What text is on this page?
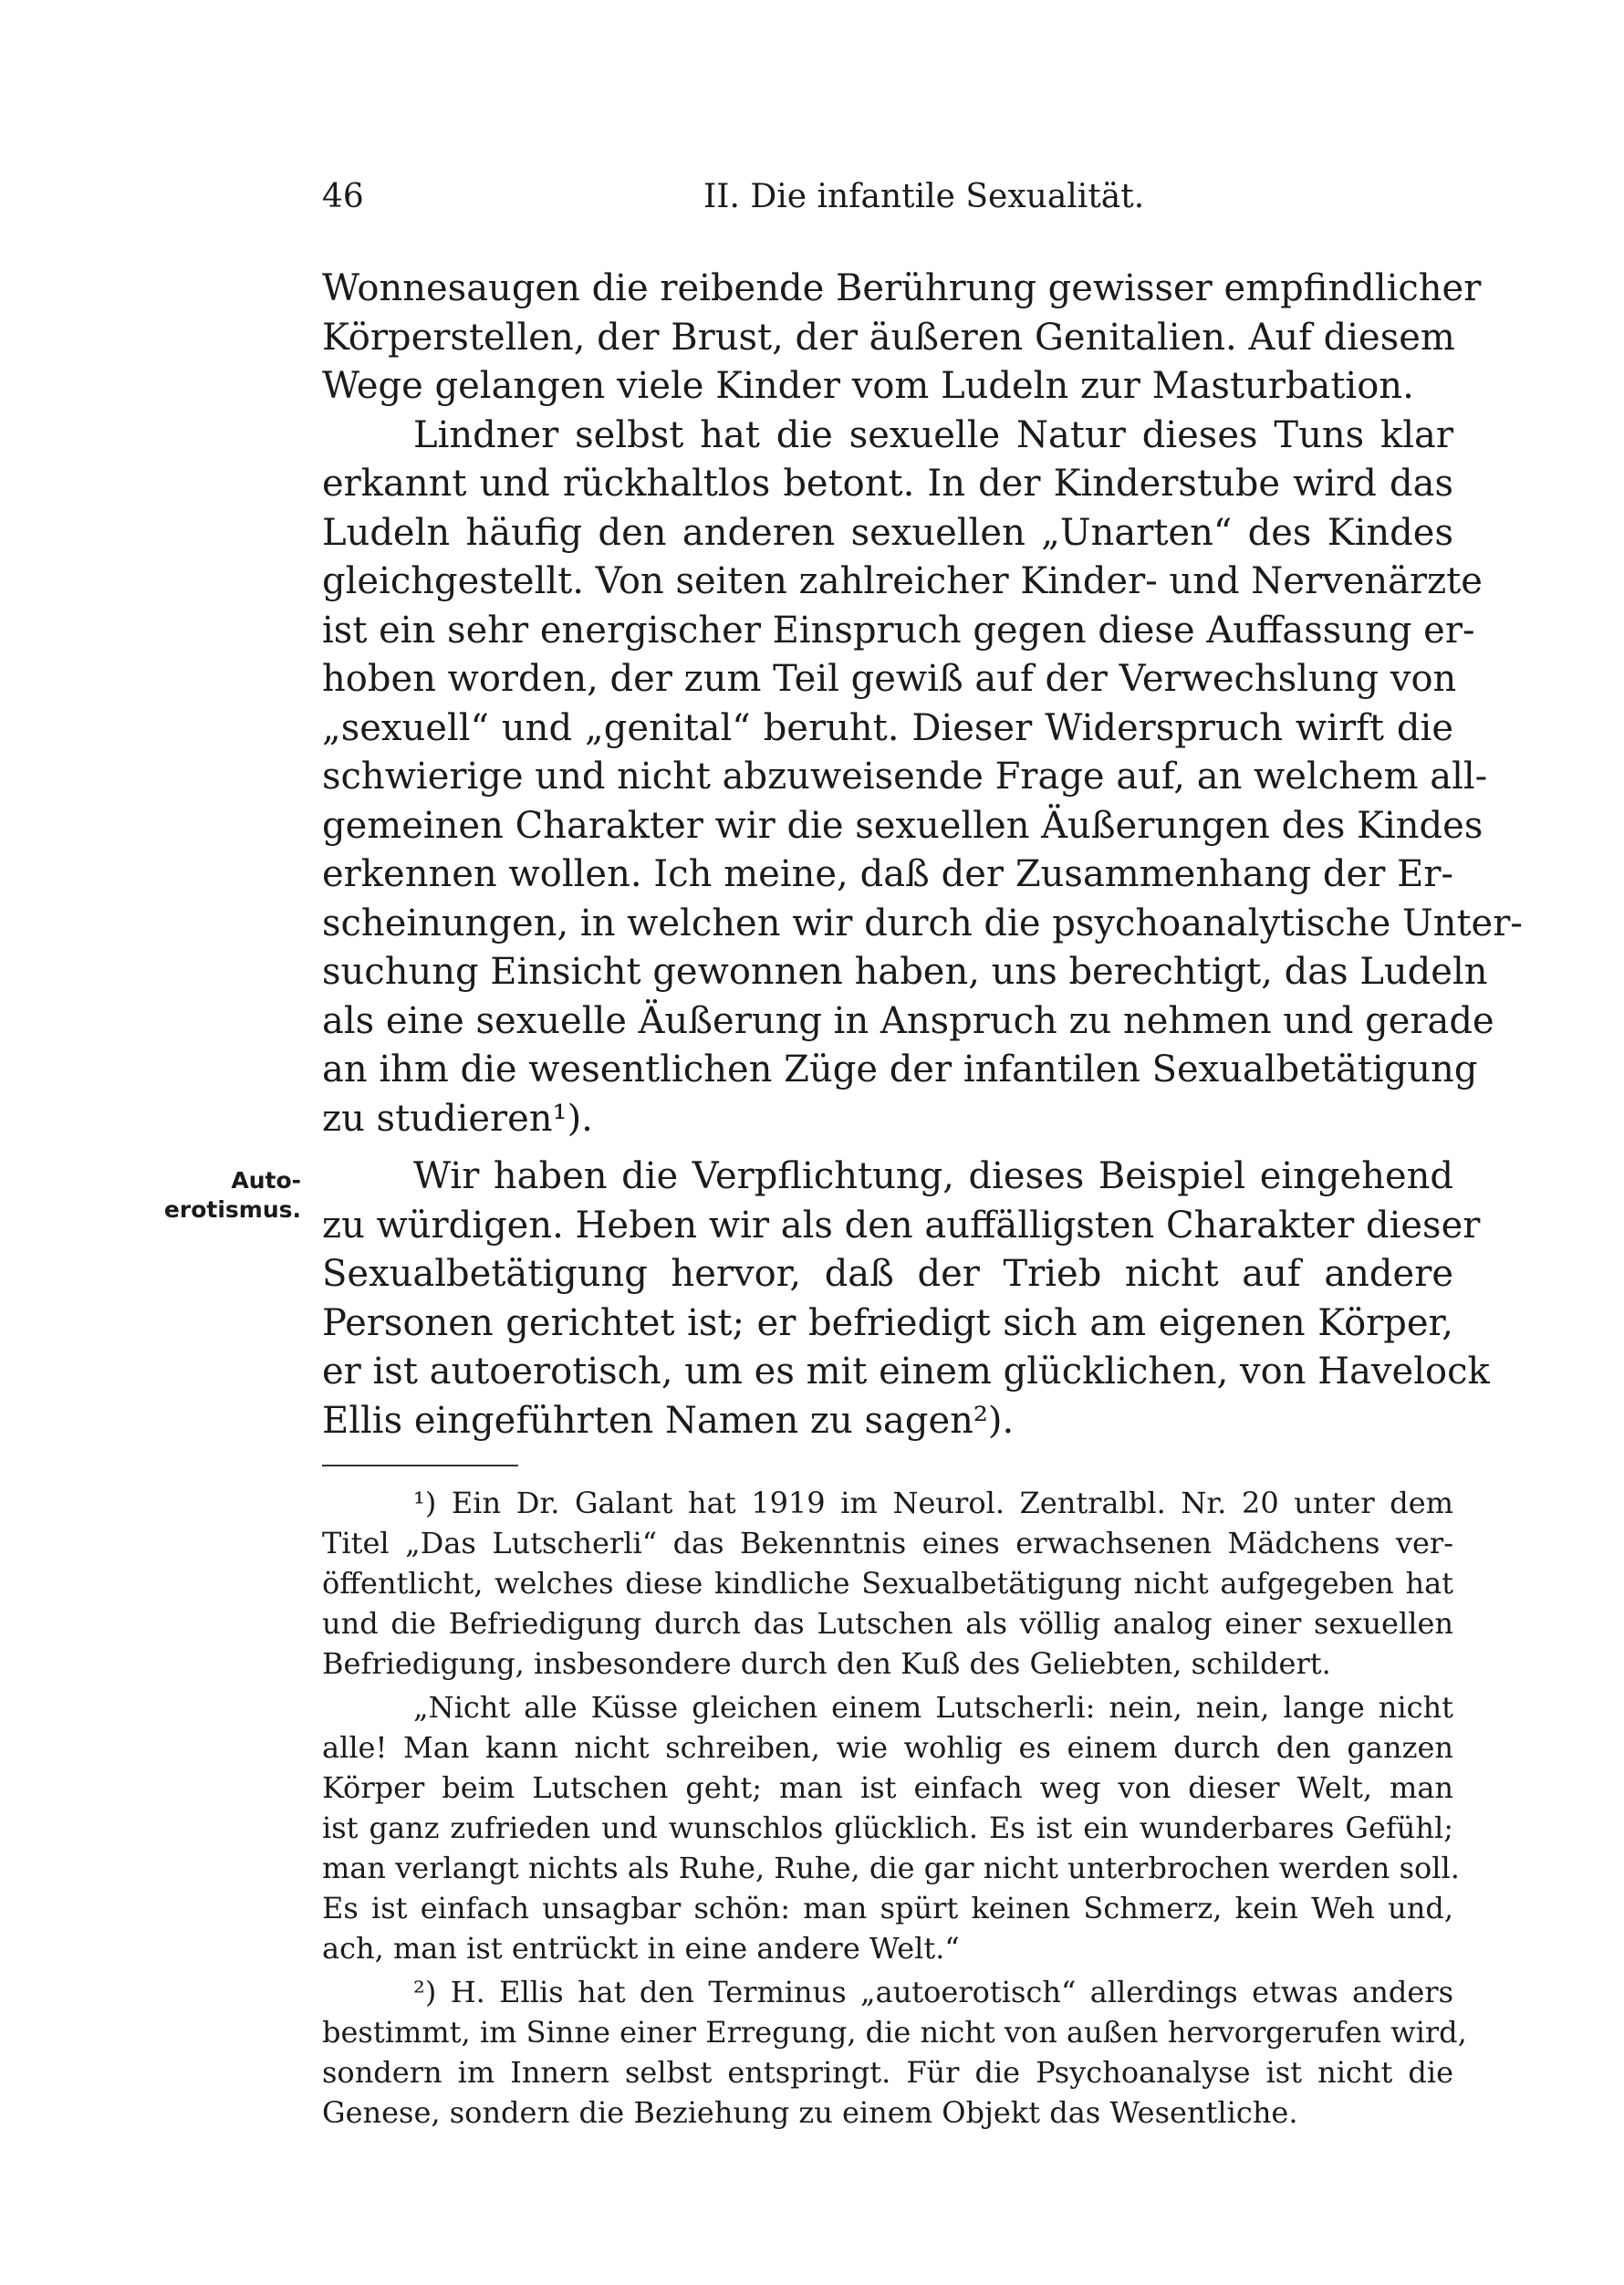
46	II. Die infantile Sexualität.
Auto-
erotismus.
Wonnesaugen die reibende Berührung gewisser empfindlicher
Körperstellen, der Brust, der äußeren Genitalien. Auf diesem
Wege gelangen viele Kinder vom Ludeln zur Masturbation.
Lindner selbst hat die sexuelle Natur dieses Tuns klar
erkannt und rückhaltlos betont. In der Kinderstube wird das
Ludeln häufig den anderen sexuellen „Unarten“ des Kindes
gleichgestellt. Von seiten zahlreicher Kinder- und Nervenärzte
ist ein sehr energischer Einspruch gegen diese Auffassung er-
hoben worden, der zum Teil gewiß auf der Verwechslung von
„sexuell“ und „genital“ beruht. Dieser Widerspruch wirft die
schwierige und nicht abzuweisende Frage auf, an welchem all-
gemeinen Charakter wir die sexuellen Äußerungen des Kindes
erkennen wollen. Ich meine, daß der Zusammenhang der Er-
scheinungen, in welchen wir durch die psychoanalytische Unter-
suchung Einsicht gewonnen haben, uns berechtigt, das Ludeln
als eine sexuelle Äußerung in Anspruch zu nehmen und gerade
an ihm die wesentlichen Züge der infantilen Sexualbetätigung
zu studieren¹).
Wir haben die Verpflichtung, dieses Beispiel eingehend
zu würdigen. Heben wir als den auffälligsten Charakter dieser
Sexualbetätigung hervor, daß der Trieb nicht auf andere
Personen gerichtet ist; er befriedigt sich am eigenen Körper,
er ist autoerotisch, um es mit einem glücklichen, von Havelock
Ellis eingeführten Namen zu sagen²).
¹) Ein Dr. Galant hat 1919 im Neurol. Zentralbl. Nr. 20 unter dem
Titel „Das Lutscherli“ das Bekenntnis eines erwachsenen Mädchens ver-
öffentlicht, welches diese kindliche Sexualbetätigung nicht aufgegeben hat
und die Befriedigung durch das Lutschen als völlig analog einer sexuellen
Befriedigung, insbesondere durch den Kuß des Geliebten, schildert.
„Nicht alle Küsse gleichen einem Lutscherli: nein, nein, lange nicht
alle! Man kann nicht schreiben, wie wohlig es einem durch den ganzen
Körper beim Lutschen geht; man ist einfach weg von dieser Welt, man
ist ganz zufrieden und wunschlos glücklich. Es ist ein wunderbares Gefühl;
man verlangt nichts als Ruhe, Ruhe, die gar nicht unterbrochen werden soll.
Es ist einfach unsagbar schön: man spürt keinen Schmerz, kein Weh und,
ach, man ist entrückt in eine andere Welt.“
²) H. Ellis hat den Terminus „autoerotisch“ allerdings etwas anders
bestimmt, im Sinne einer Erregung, die nicht von außen hervorgerufen wird,
sondern im Innern selbst entspringt. Für die Psychoanalyse ist nicht die
Genese, sondern die Beziehung zu einem Objekt das Wesentliche.
